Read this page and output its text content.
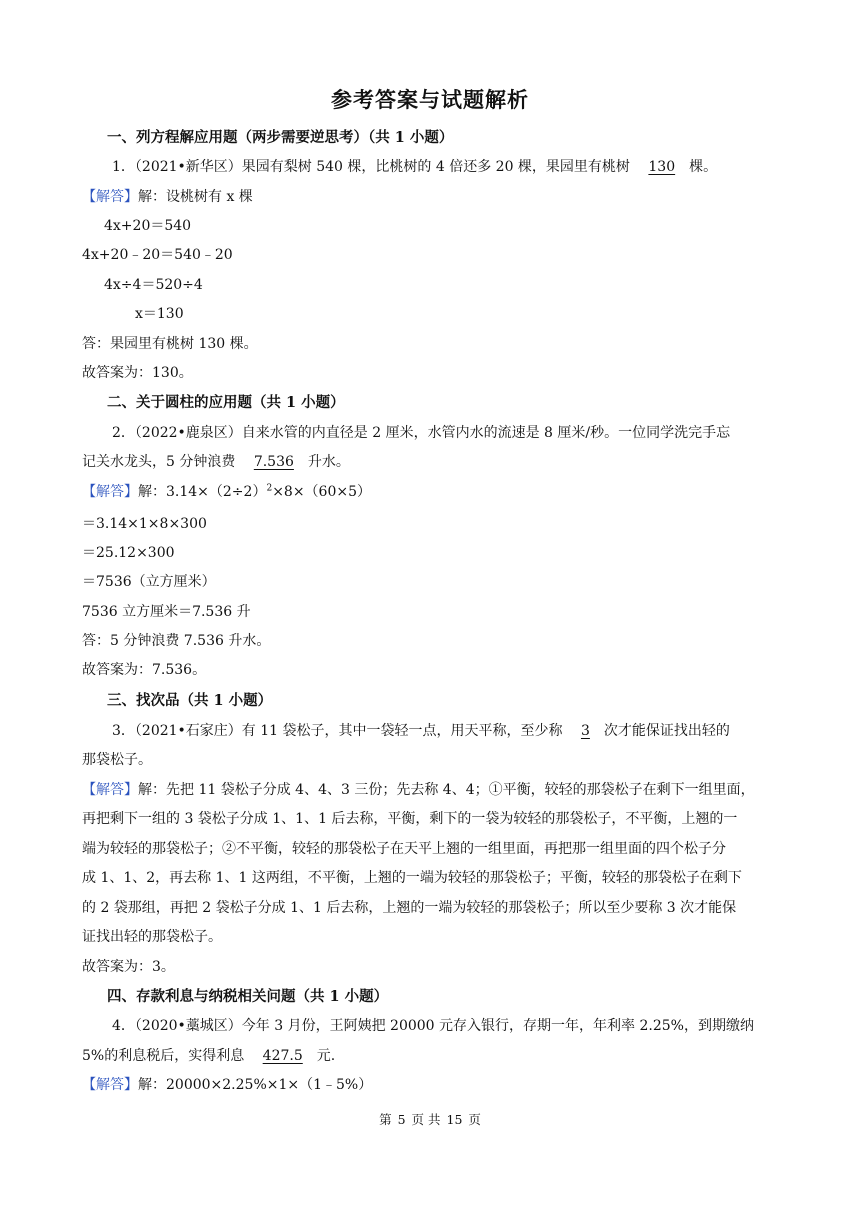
参考答案与试题解析
一、列方程解应用题（两步需要逆思考）（共 1 小题）
1．（2021•新华区）果园有梨树 540 棵，比桃树的 4 倍还多 20 棵，果园里有桃树 130 棵。
【解答】解：设桃树有 x 棵
4x+20＝540
4x+20﹣20＝540﹣20
4x÷4＝520÷4
x＝130
答：果园里有桃树 130 棵。
故答案为：130。
二、关于圆柱的应用题（共 1 小题）
2．（2022•鹿泉区）自来水管的内直径是 2 厘米，水管内水的流速是 8 厘米/秒。一位同学洗完手忘
记关水龙头，5 分钟浪费 7.536 升水。
【解答】解：$3.14\times(2\div 2)^2\times 8\times(60\times 5)$
＝3.14×1×8×300
＝25.12×300
＝7536（立方厘米）
7536 立方厘米＝7.536 升
答：5 分钟浪费 7.536 升水。
故答案为：7.536。
三、找次品（共 1 小题）
3．（2021•石家庄）有 11 袋松子，其中一袋轻一点，用天平称，至少称 3 次才能保证找出轻的
那袋松子。
【解答】解：先把 11 袋松子分成 4、4、3 三份；先去称 4、4；①平衡，较轻的那袋松子在剩下一组里面，
再把剩下一组的 3 袋松子分成 1、1、1 后去称，平衡，剩下的一袋为较轻的那袋松子，不平衡，上翘的一
端为较轻的那袋松子；②不平衡，较轻的那袋松子在天平上翘的一组里面，再把那一组里面的四个松子分
成 1、1、2，再去称 1、1 这两组，不平衡，上翘的一端为较轻的那袋松子；平衡，较轻的那袋松子在剩下
的 2 袋那组，再把 2 袋松子分成 1、1 后去称，上翘的一端为较轻的那袋松子；所以至少要称 3 次才能保
证找出轻的那袋松子。
故答案为：3。
四、存款利息与纳税相关问题（共 1 小题）
4．（2020•藁城区）今年 3 月份，王阿姨把 20000 元存入银行，存期一年，年利率 2.25%，到期缴纳
5%的利息税后，实得利息 427.5 元.
【解答】解：20000×2.25%×1×（1﹣5%）
第 5 页 共 15 页
